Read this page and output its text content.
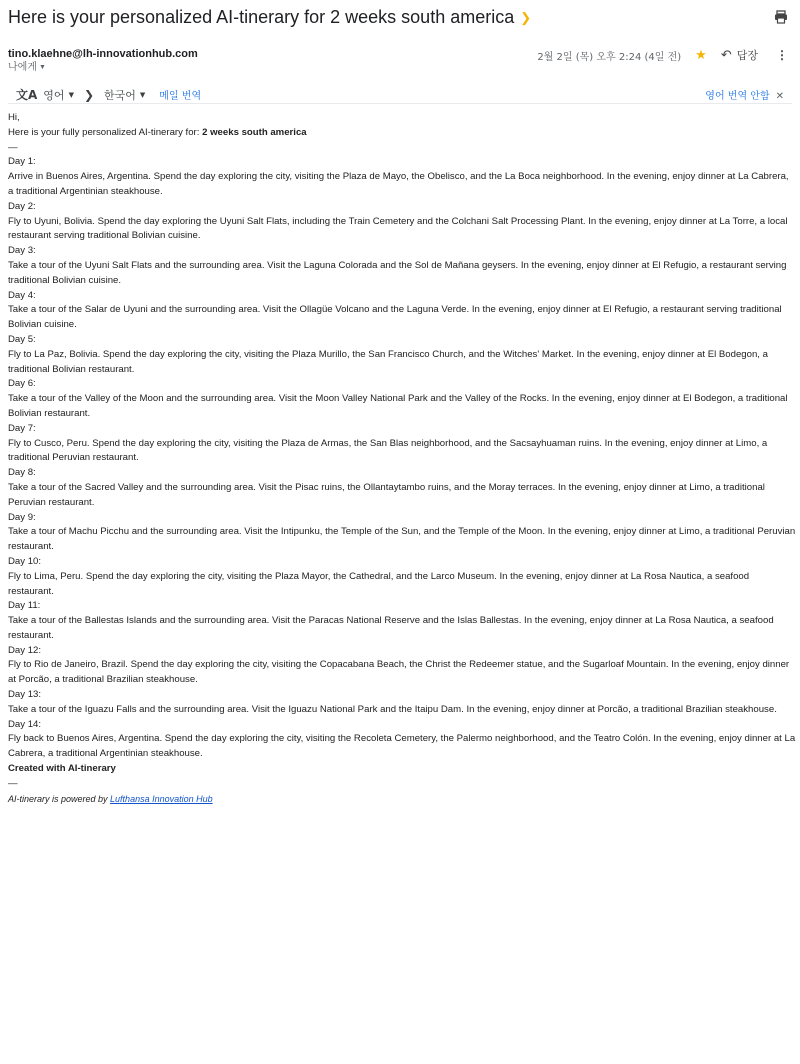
Here is your personalized AI-tinerary for 2 weeks south america ❯
tino.klaehne@lh-innovationhub.com
나에게 ▼
2월 2일 (목) 오후 2:24 (4일 전) ★ ↶ 답장 ⋮
文A 영어 ▼ ❯ 한국어 ▼ 메일 번역	영어 번역 안함 ✕

Hi,

Here is your fully personalized AI-tinerary for: 2 weeks south america

—

Day 1:

Arrive in Buenos Aires, Argentina. Spend the day exploring the city, visiting the Plaza de Mayo, the Obelisco, and the La Boca neighborhood. In the evening, enjoy dinner at La Cabrera, a traditional Argentinian steakhouse.

Day 2:

Fly to Uyuni, Bolivia. Spend the day exploring the Uyuni Salt Flats, including the Train Cemetery and the Colchani Salt Processing Plant. In the evening, enjoy dinner at La Torre, a local restaurant serving traditional Bolivian cuisine.

Day 3:

Take a tour of the Uyuni Salt Flats and the surrounding area. Visit the Laguna Colorada and the Sol de Mañana geysers. In the evening, enjoy dinner at El Refugio, a restaurant serving traditional Bolivian cuisine.

Day 4:

Take a tour of the Salar de Uyuni and the surrounding area. Visit the Ollagüe Volcano and the Laguna Verde. In the evening, enjoy dinner at El Refugio, a restaurant serving traditional Bolivian cuisine.

Day 5:

Fly to La Paz, Bolivia. Spend the day exploring the city, visiting the Plaza Murillo, the San Francisco Church, and the Witches' Market. In the evening, enjoy dinner at El Bodegon, a traditional Bolivian restaurant.

Day 6:

Take a tour of the Valley of the Moon and the surrounding area. Visit the Moon Valley National Park and the Valley of the Rocks. In the evening, enjoy dinner at El Bodegon, a traditional Bolivian restaurant.

Day 7:

Fly to Cusco, Peru. Spend the day exploring the city, visiting the Plaza de Armas, the San Blas neighborhood, and the Sacsayhuaman ruins. In the evening, enjoy dinner at Limo, a traditional Peruvian restaurant.

Day 8:

Take a tour of the Sacred Valley and the surrounding area. Visit the Pisac ruins, the Ollantaytambo ruins, and the Moray terraces. In the evening, enjoy dinner at Limo, a traditional Peruvian restaurant.

Day 9:

Take a tour of Machu Picchu and the surrounding area. Visit the Intipunku, the Temple of the Sun, and the Temple of the Moon. In the evening, enjoy dinner at Limo, a traditional Peruvian restaurant.

Day 10:

Fly to Lima, Peru. Spend the day exploring the city, visiting the Plaza Mayor, the Cathedral, and the Larco Museum. In the evening, enjoy dinner at La Rosa Nautica, a seafood restaurant.

Day 11:

Take a tour of the Ballestas Islands and the surrounding area. Visit the Paracas National Reserve and the Islas Ballestas. In the evening, enjoy dinner at La Rosa Nautica, a seafood restaurant.

Day 12:

Fly to Rio de Janeiro, Brazil. Spend the day exploring the city, visiting the Copacabana Beach, the Christ the Redeemer statue, and the Sugarloaf Mountain. In the evening, enjoy dinner at Porcão, a traditional Brazilian steakhouse.

Day 13:

Take a tour of the Iguazu Falls and the surrounding area. Visit the Iguazu National Park and the Itaipu Dam. In the evening, enjoy dinner at Porcão, a traditional Brazilian steakhouse.

Day 14:

Fly back to Buenos Aires, Argentina. Spend the day exploring the city, visiting the Recoleta Cemetery, the Palermo neighborhood, and the Teatro Colón. In the evening, enjoy dinner at La Cabrera, a traditional Argentinian steakhouse.

Created with AI-tinerary

—

AI-tinerary is powered by Lufthansa Innovation Hub
